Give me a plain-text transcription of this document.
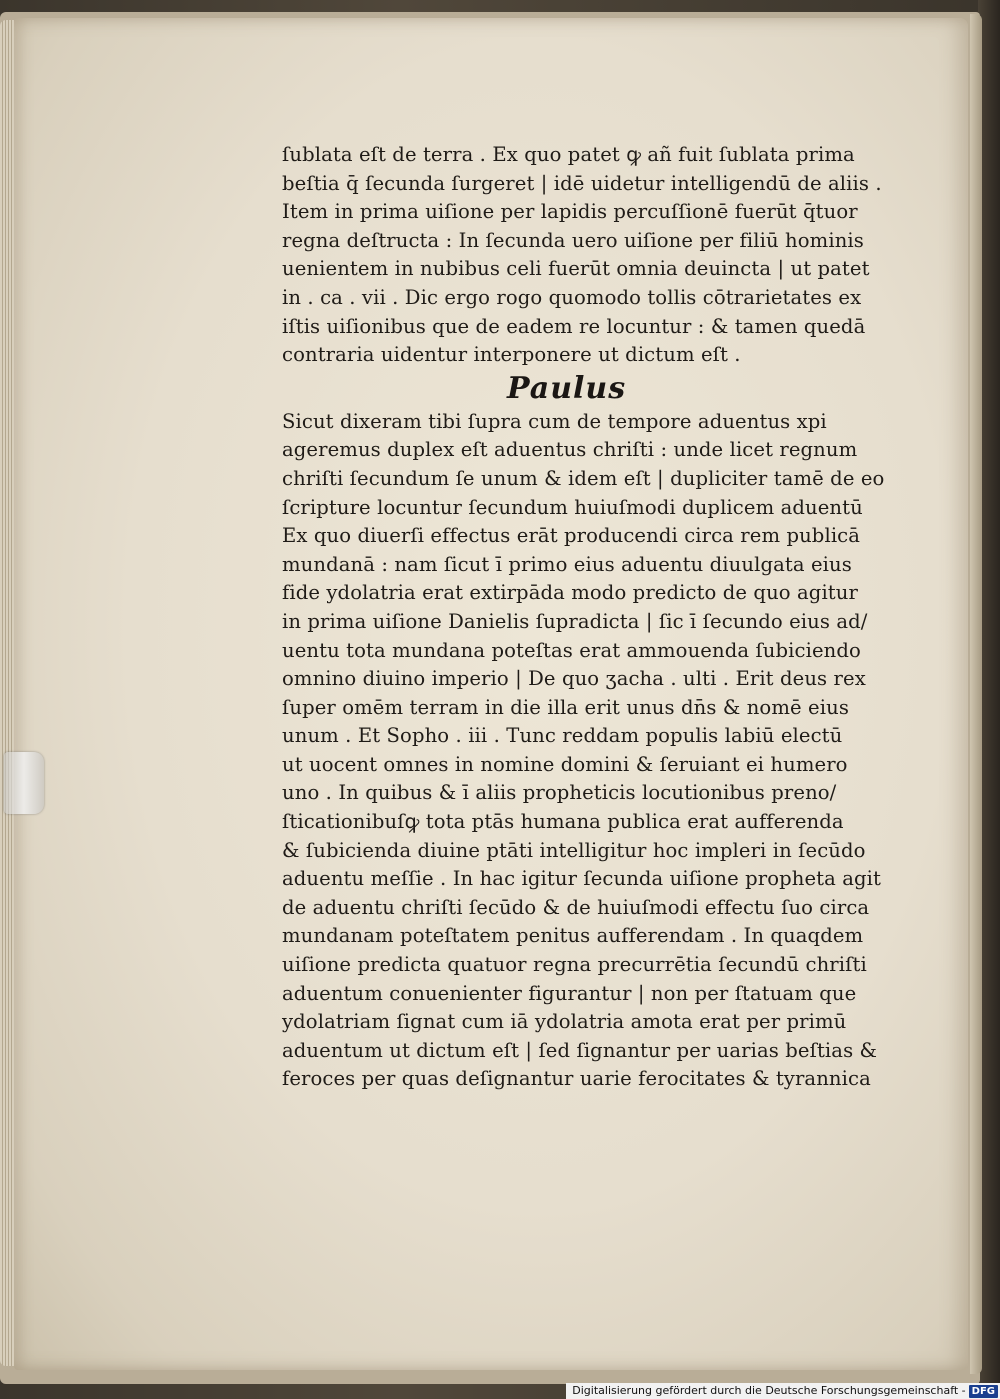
ſublata eſt de terra . Ex quo patet ꝙ añ fuit ſublata prima
beſtia q̄ ſecunda ſurgeret | idē uidetur intelligendū de aliis .
Item in prima uiſione per lapidis percuſſionē fuerūt q̄tuor
regna deſtructa : In ſecunda uero uiſione per filiū hominis
uenientem in nubibus celi fuerūt omnia deuincta | ut patet
in . ca . vii . Dic ergo rogo quomodo tollis cōtrarietates ex
iſtis uiſionibus que de eadem re locuntur : & tamen quedā
contraria uidentur interponere ut dictum eſt .
Paulus
Sicut dixeram tibi ſupra cum de tempore aduentus xpi
ageremus duplex eſt aduentus chriſti : unde licet regnum
chriſti ſecundum ſe unum & idem eſt | dupliciter tamē de eo
ſcripture locuntur ſecundum huiuſmodi duplicem aduentū
Ex quo diuerſi effectus erāt producendi circa rem publicā
mundanā : nam ſicut ī primo eius aduentu diuulgata eius
fide ydolatria erat extirpāda modo predicto de quo agitur
in prima uiſione Danielis ſupradicta | ſic ī ſecundo eius ad/
uentu tota mundana poteſtas erat ammouenda ſubiciendo
omnino diuino imperio | De quo ʒacha . ulti . Erit deus rex
ſuper omēm terram in die illa erit unus dn̄s & nomē eius
unum . Et Sopho . iii . Tunc reddam populis labiū electū
ut uocent omnes in nomine domini & ſeruiant ei humero
uno . In quibus & ī aliis propheticis locutionibus preno/
ſticationibuſꝙ tota ptās humana publica erat aufferenda
& ſubicienda diuine ptāti intelligitur hoc impleri in ſecūdo
aduentu meſſie . In hac igitur ſecunda uiſione propheta agit
de aduentu chriſti ſecūdo & de huiuſmodi effectu ſuo circa
mundanam poteſtatem penitus aufferendam . In quaqdem
uiſione predicta quatuor regna precurrētia ſecundū chriſti
aduentum conuenienter figurantur | non per ſtatuam que
ydolatriam ſignat cum iā ydolatria amota erat per primū
aduentum ut dictum eſt | ſed ſignantur per uarias beſtias &
feroces per quas deſignantur uarie ferocitates & tyrannica
Digitalisierung gefördert durch die Deutsche Forschungsgemeinschaft - DFG
